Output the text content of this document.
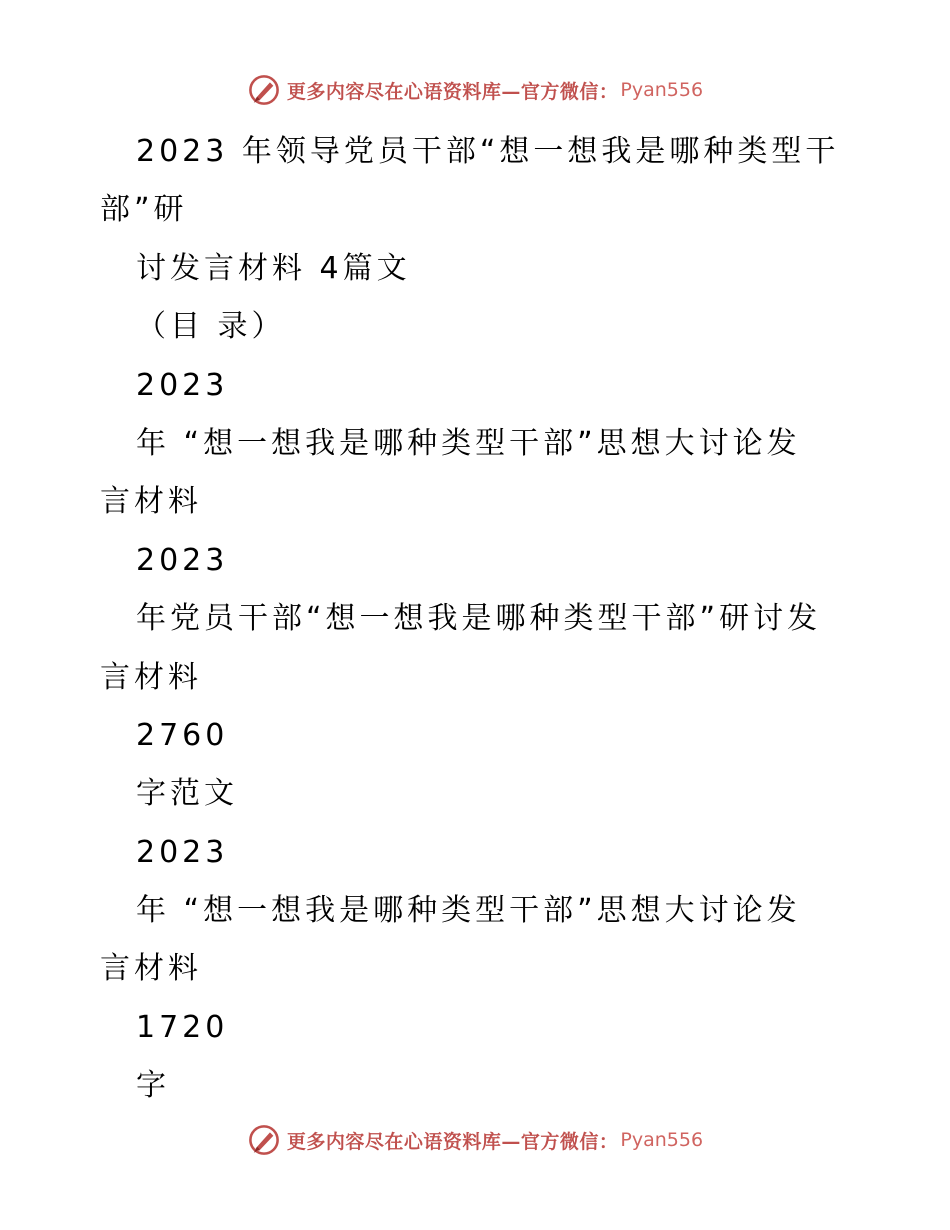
更多内容尽在心语资料库—官方微信： Pyan556
2023 年领导党员干部“想一想我是哪种类型干
部”研
讨发言材料 4篇文
（目 录）
2023
年 “想一想我是哪种类型干部”思想大讨论发
言材料
2023
年党员干部“想一想我是哪种类型干部”研讨发
言材料
2760
字范文
2023
年 “想一想我是哪种类型干部”思想大讨论发
言材料
1720
字
更多内容尽在心语资料库—官方微信： Pyan556
